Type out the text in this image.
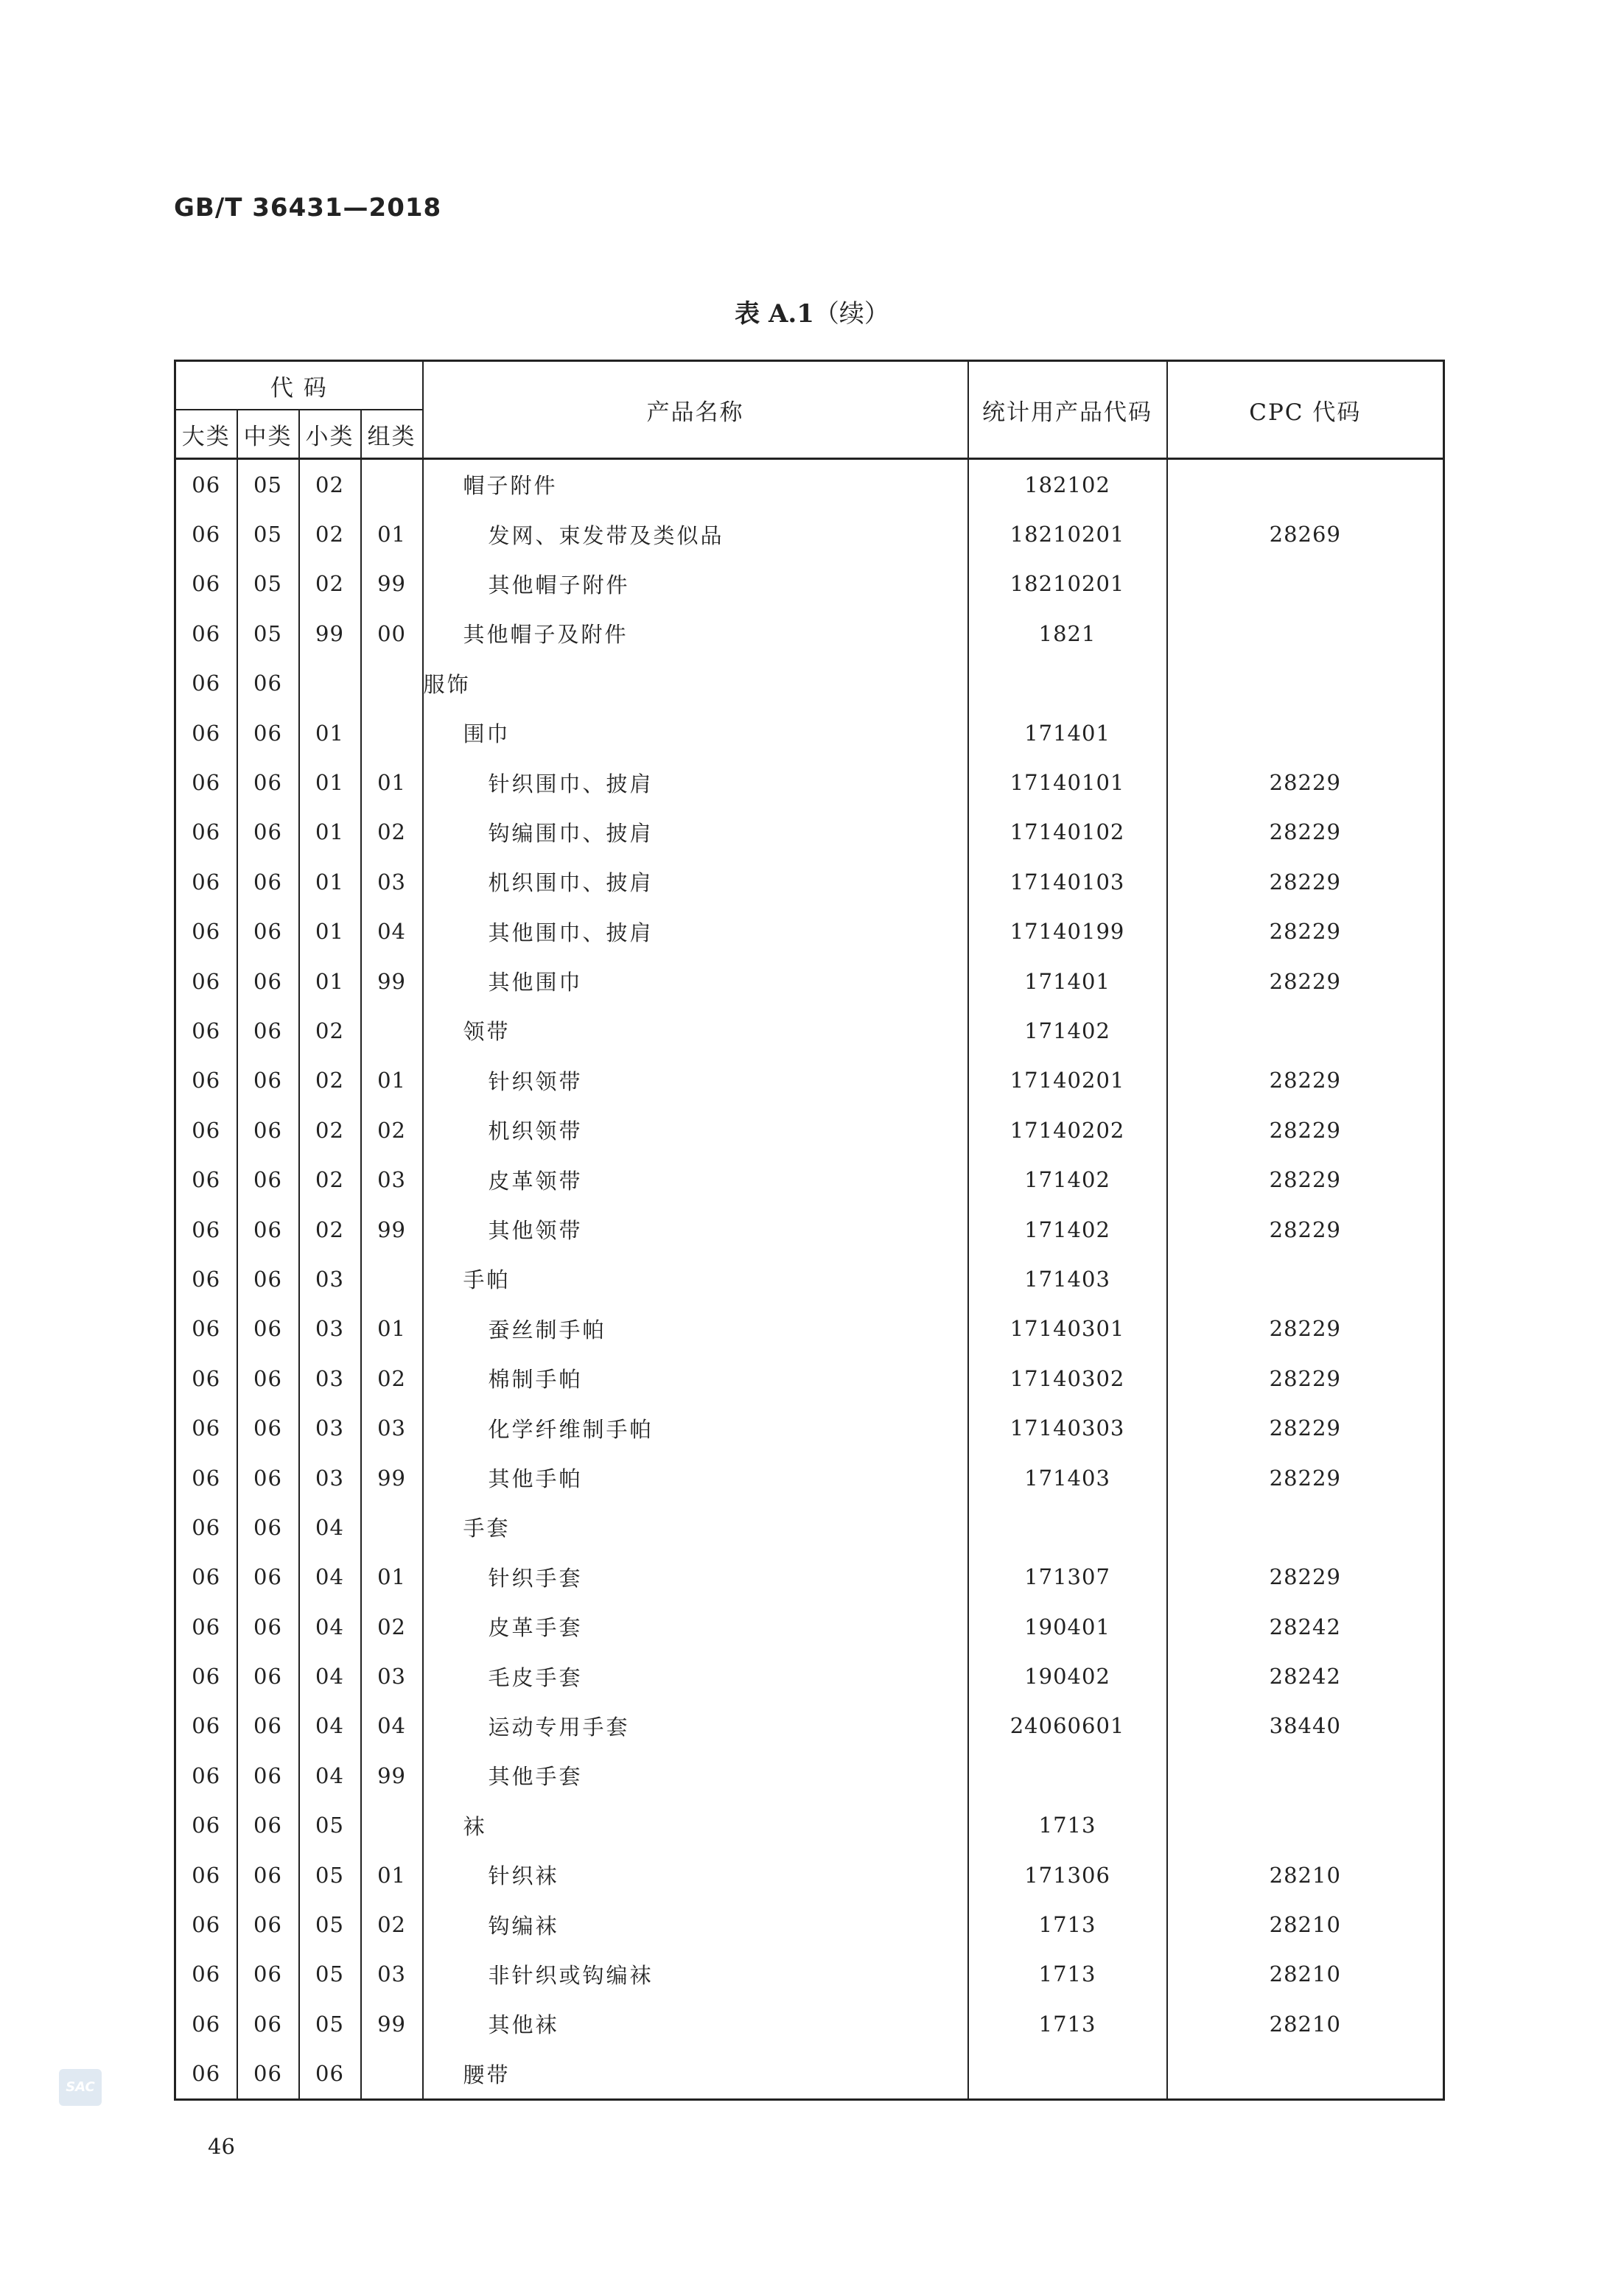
GB/T 36431—2018
表 A.1（续）
代 码				产品名称	统计用产品代码	CPC 代码
大类	中类	小类	组类			
06	05	02		帽子附件	182102	
06	05	02	01	发网、束发带及类似品	18210201	28269
06	05	02	99	其他帽子附件	18210201	
06	05	99	00	其他帽子及附件	1821	
06	06			服饰		
06	06	01		围巾	171401	
06	06	01	01	针织围巾、披肩	17140101	28229
06	06	01	02	钩编围巾、披肩	17140102	28229
06	06	01	03	机织围巾、披肩	17140103	28229
06	06	01	04	其他围巾、披肩	17140199	28229
06	06	01	99	其他围巾	171401	28229
06	06	02		领带	171402	
06	06	02	01	针织领带	17140201	28229
06	06	02	02	机织领带	17140202	28229
06	06	02	03	皮革领带	171402	28229
06	06	02	99	其他领带	171402	28229
06	06	03		手帕	171403	
06	06	03	01	蚕丝制手帕	17140301	28229
06	06	03	02	棉制手帕	17140302	28229
06	06	03	03	化学纤维制手帕	17140303	28229
06	06	03	99	其他手帕	171403	28229
06	06	04		手套		
06	06	04	01	针织手套	171307	28229
06	06	04	02	皮革手套	190401	28242
06	06	04	03	毛皮手套	190402	28242
06	06	04	04	运动专用手套	24060601	38440
06	06	04	99	其他手套		
06	06	05		袜	1713	
06	06	05	01	针织袜	171306	28210
06	06	05	02	钩编袜	1713	28210
06	06	05	03	非针织或钩编袜	1713	28210
06	06	05	99	其他袜	1713	28210
06	06	06		腰带		
SAC
46
